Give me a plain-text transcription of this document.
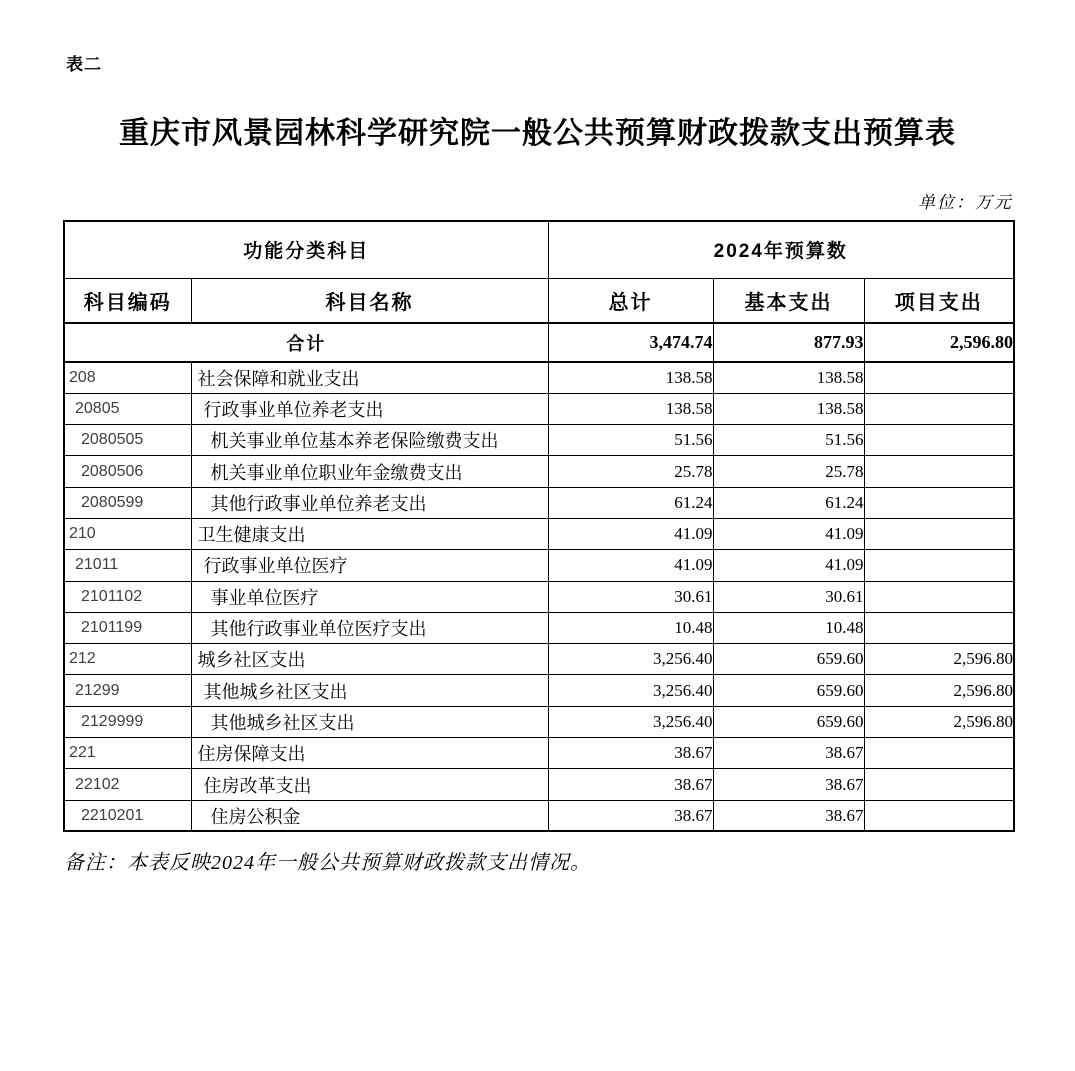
表二
重庆市风景园林科学研究院一般公共预算财政拨款支出预算表
单位：万元
功能分类科目		2024年预算数		
科目编码	科目名称	总计	基本支出	项目支出
合计		3,474.74	877.93	2,596.80
208	社会保障和就业支出	138.58	138.58	
20805	行政事业单位养老支出	138.58	138.58	
2080505	机关事业单位基本养老保险缴费支出	51.56	51.56	
2080506	机关事业单位职业年金缴费支出	25.78	25.78	
2080599	其他行政事业单位养老支出	61.24	61.24	
210	卫生健康支出	41.09	41.09	
21011	行政事业单位医疗	41.09	41.09	
2101102	事业单位医疗	30.61	30.61	
2101199	其他行政事业单位医疗支出	10.48	10.48	
212	城乡社区支出	3,256.40	659.60	2,596.80
21299	其他城乡社区支出	3,256.40	659.60	2,596.80
2129999	其他城乡社区支出	3,256.40	659.60	2,596.80
221	住房保障支出	38.67	38.67	
22102	住房改革支出	38.67	38.67	
2210201	住房公积金	38.67	38.67	
备注：本表反映2024年一般公共预算财政拨款支出情况。
